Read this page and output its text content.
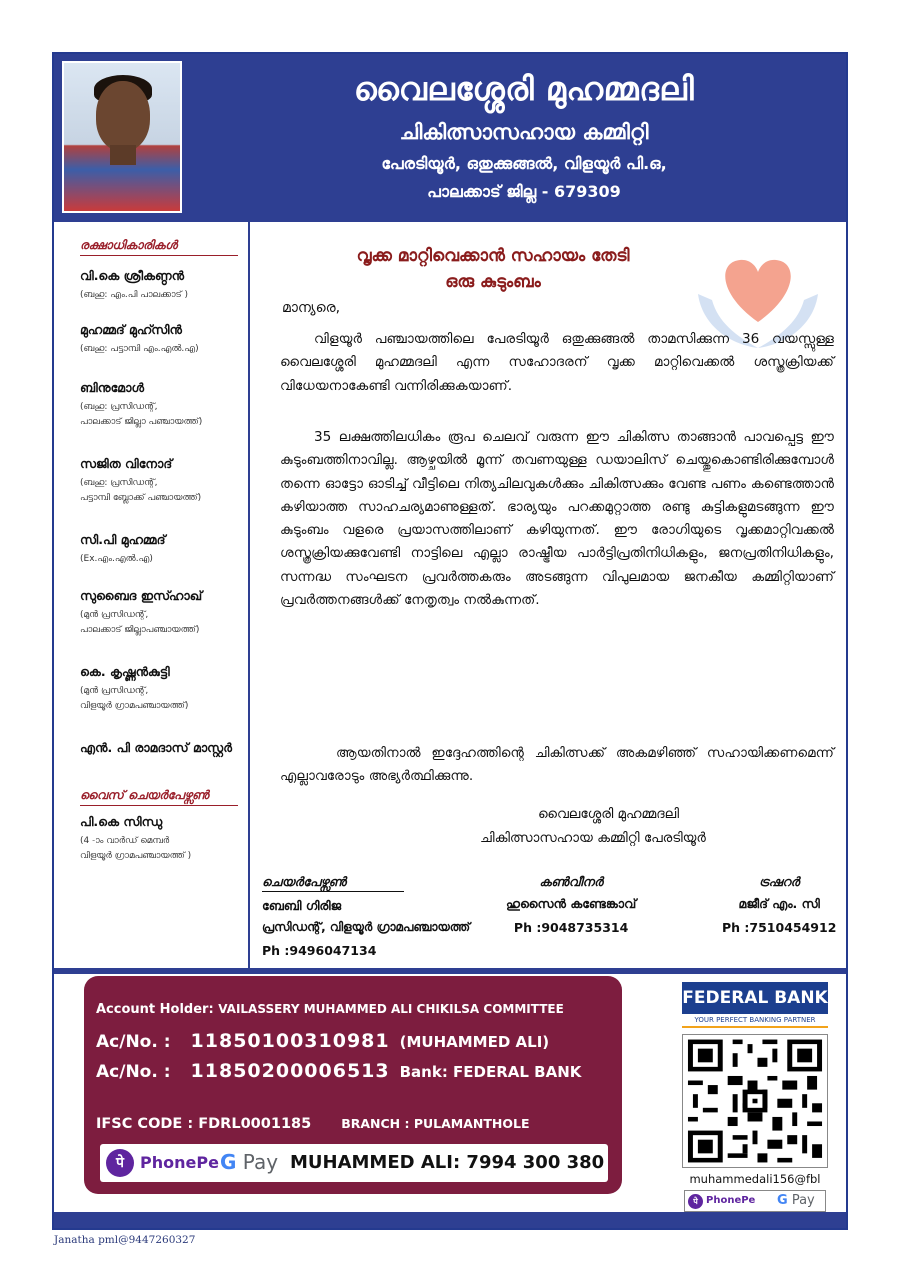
വൈലശ്ശേരി മുഹമ്മദലി
ചികിത്സാസഹായ കമ്മിറ്റി
പേരടിയൂർ, ഒതുക്കുങ്ങൽ, വിളയൂർ പി.ഒ,
പാലക്കാട് ജില്ല - 679309
രക്ഷാധികാരികൾ
വി.കെ ശ്രീകണ്ഠൻ
(ബഹു: എം.പി പാലക്കാട് )
മുഹമ്മദ് മുഹ്സിൻ
(ബഹു: പട്ടാമ്പി എം.എൽ.എ)
ബിനുമോൾ
(ബഹു: പ്രസിഡന്റ്,
പാലക്കാട് ജില്ലാ പഞ്ചായത്ത്)
സജിത വിനോദ്
(ബഹു: പ്രസിഡന്റ്,
പട്ടാമ്പി ബ്ലോക്ക് പഞ്ചായത്ത്)
സി.പി മുഹമ്മദ്
(Ex.എം.എൽ.എ)
സുബൈദ ഇസ്ഹാഖ്
(മുൻ പ്രസിഡന്റ്,
പാലക്കാട് ജില്ലാപഞ്ചായത്ത്)
കെ. കൃഷ്ണൻകുട്ടി
(മുൻ പ്രസിഡന്റ്,
വിളയൂർ ഗ്രാമപഞ്ചായത്ത്)
എൻ. പി രാമദാസ് മാസ്റ്റർ
വൈസ് ചെയർപേഴ്സൺ
പി.കെ സിന്ധു
(4 -ാം വാർഡ് മെമ്പർ
വിളയൂർ ഗ്രാമപഞ്ചായത്ത് )
വൃക്ക മാറ്റിവെക്കാൻ സഹായം തേടി
ഒരു കുടുംബം
മാന്യരെ,

വിളയൂർ പഞ്ചായത്തിലെ പേരടിയൂർ ഒതുക്കുങ്ങൽ താമസിക്കുന്ന 36 വയസ്സുള്ള വൈലശ്ശേരി മുഹമ്മദലി എന്ന സഹോദരന് വൃക്ക മാറ്റിവെക്കൽ ശസ്ത്രക്രിയക്ക് വിധേയനാകേണ്ടി വന്നിരിക്കുകയാണ്.

35 ലക്ഷത്തിലധികം രൂപ ചെലവ് വരുന്ന ഈ ചികിത്സ താങ്ങാൻ പാവപ്പെട്ട ഈ കുടുംബത്തിനാവില്ല. ആഴ്ചയിൽ മൂന്ന് തവണയുള്ള ഡയാലിസ് ചെയ്തുകൊണ്ടിരിക്കുമ്പോൾ തന്നെ ഓട്ടോ ഓടിച്ച് വീട്ടിലെ നിത്യചിലവുകൾക്കും ചികിത്സക്കും വേണ്ട പണം കണ്ടെത്താൻ കഴിയാത്ത സാഹചര്യമാണുള്ളത്. ഭാര്യയും പറക്കമുറ്റാത്ത രണ്ടു കുട്ടികളുമടങ്ങുന്ന ഈ കുടുംബം വളരെ പ്രയാസത്തിലാണ് കഴിയുന്നത്. ഈ രോഗിയുടെ വൃക്കമാറ്റിവക്കൽ ശസ്ത്രക്രിയക്കുവേണ്ടി നാട്ടിലെ എല്ലാ രാഷ്ട്രീയ പാർട്ടിപ്രതിനിധികളും, ജനപ്രതിനിധികളും, സന്നദ്ധ സംഘടന പ്രവർത്തകരും അടങ്ങുന്ന വിപുലമായ ജനകീയ കമ്മിറ്റിയാണ് പ്രവർത്തനങ്ങൾക്ക് നേതൃത്വം നൽകുന്നത്.

ആയതിനാൽ ഇദ്ദേഹത്തിന്റെ ചികിത്സക്ക് അകമഴിഞ്ഞ് സഹായിക്കണമെന്ന് എല്ലാവരോടും അഭ്യർത്ഥിക്കുന്നു.

വൈലശ്ശേരി മുഹമ്മദലി
ചികിത്സാസഹായ കമ്മിറ്റി പേരടിയൂർ
ചെയർപേഴ്സൺ
ബേബി ഗിരിജ
പ്രസിഡന്റ്, വിളയൂർ ഗ്രാമപഞ്ചായത്ത്
Ph :9496047134
കൺവീനർ
ഹുസൈൻ കണ്ടേങ്കാവ്
Ph :9048735314
ട്രഷറർ
മജീദ് എം. സി
Ph :7510454912
Account Holder: VAILASSERY MUHAMMED ALI CHIKILSA COMMITTEE
Ac/No. : 11850100310981 (MUHAMMED ALI)
Ac/No. : 11850200006513 Bank: FEDERAL BANK
IFSC CODE : FDRL0001185 BRANCH : PULAMANTHOLE
पे	PhonePe G Pay MUHAMMED ALI: 7994 300 380
FEDERAL BANK
YOUR PERFECT BANKING PARTNER
muhammedali156@fbl
पे PhonePe G Pay
Janatha pml@9447260327
